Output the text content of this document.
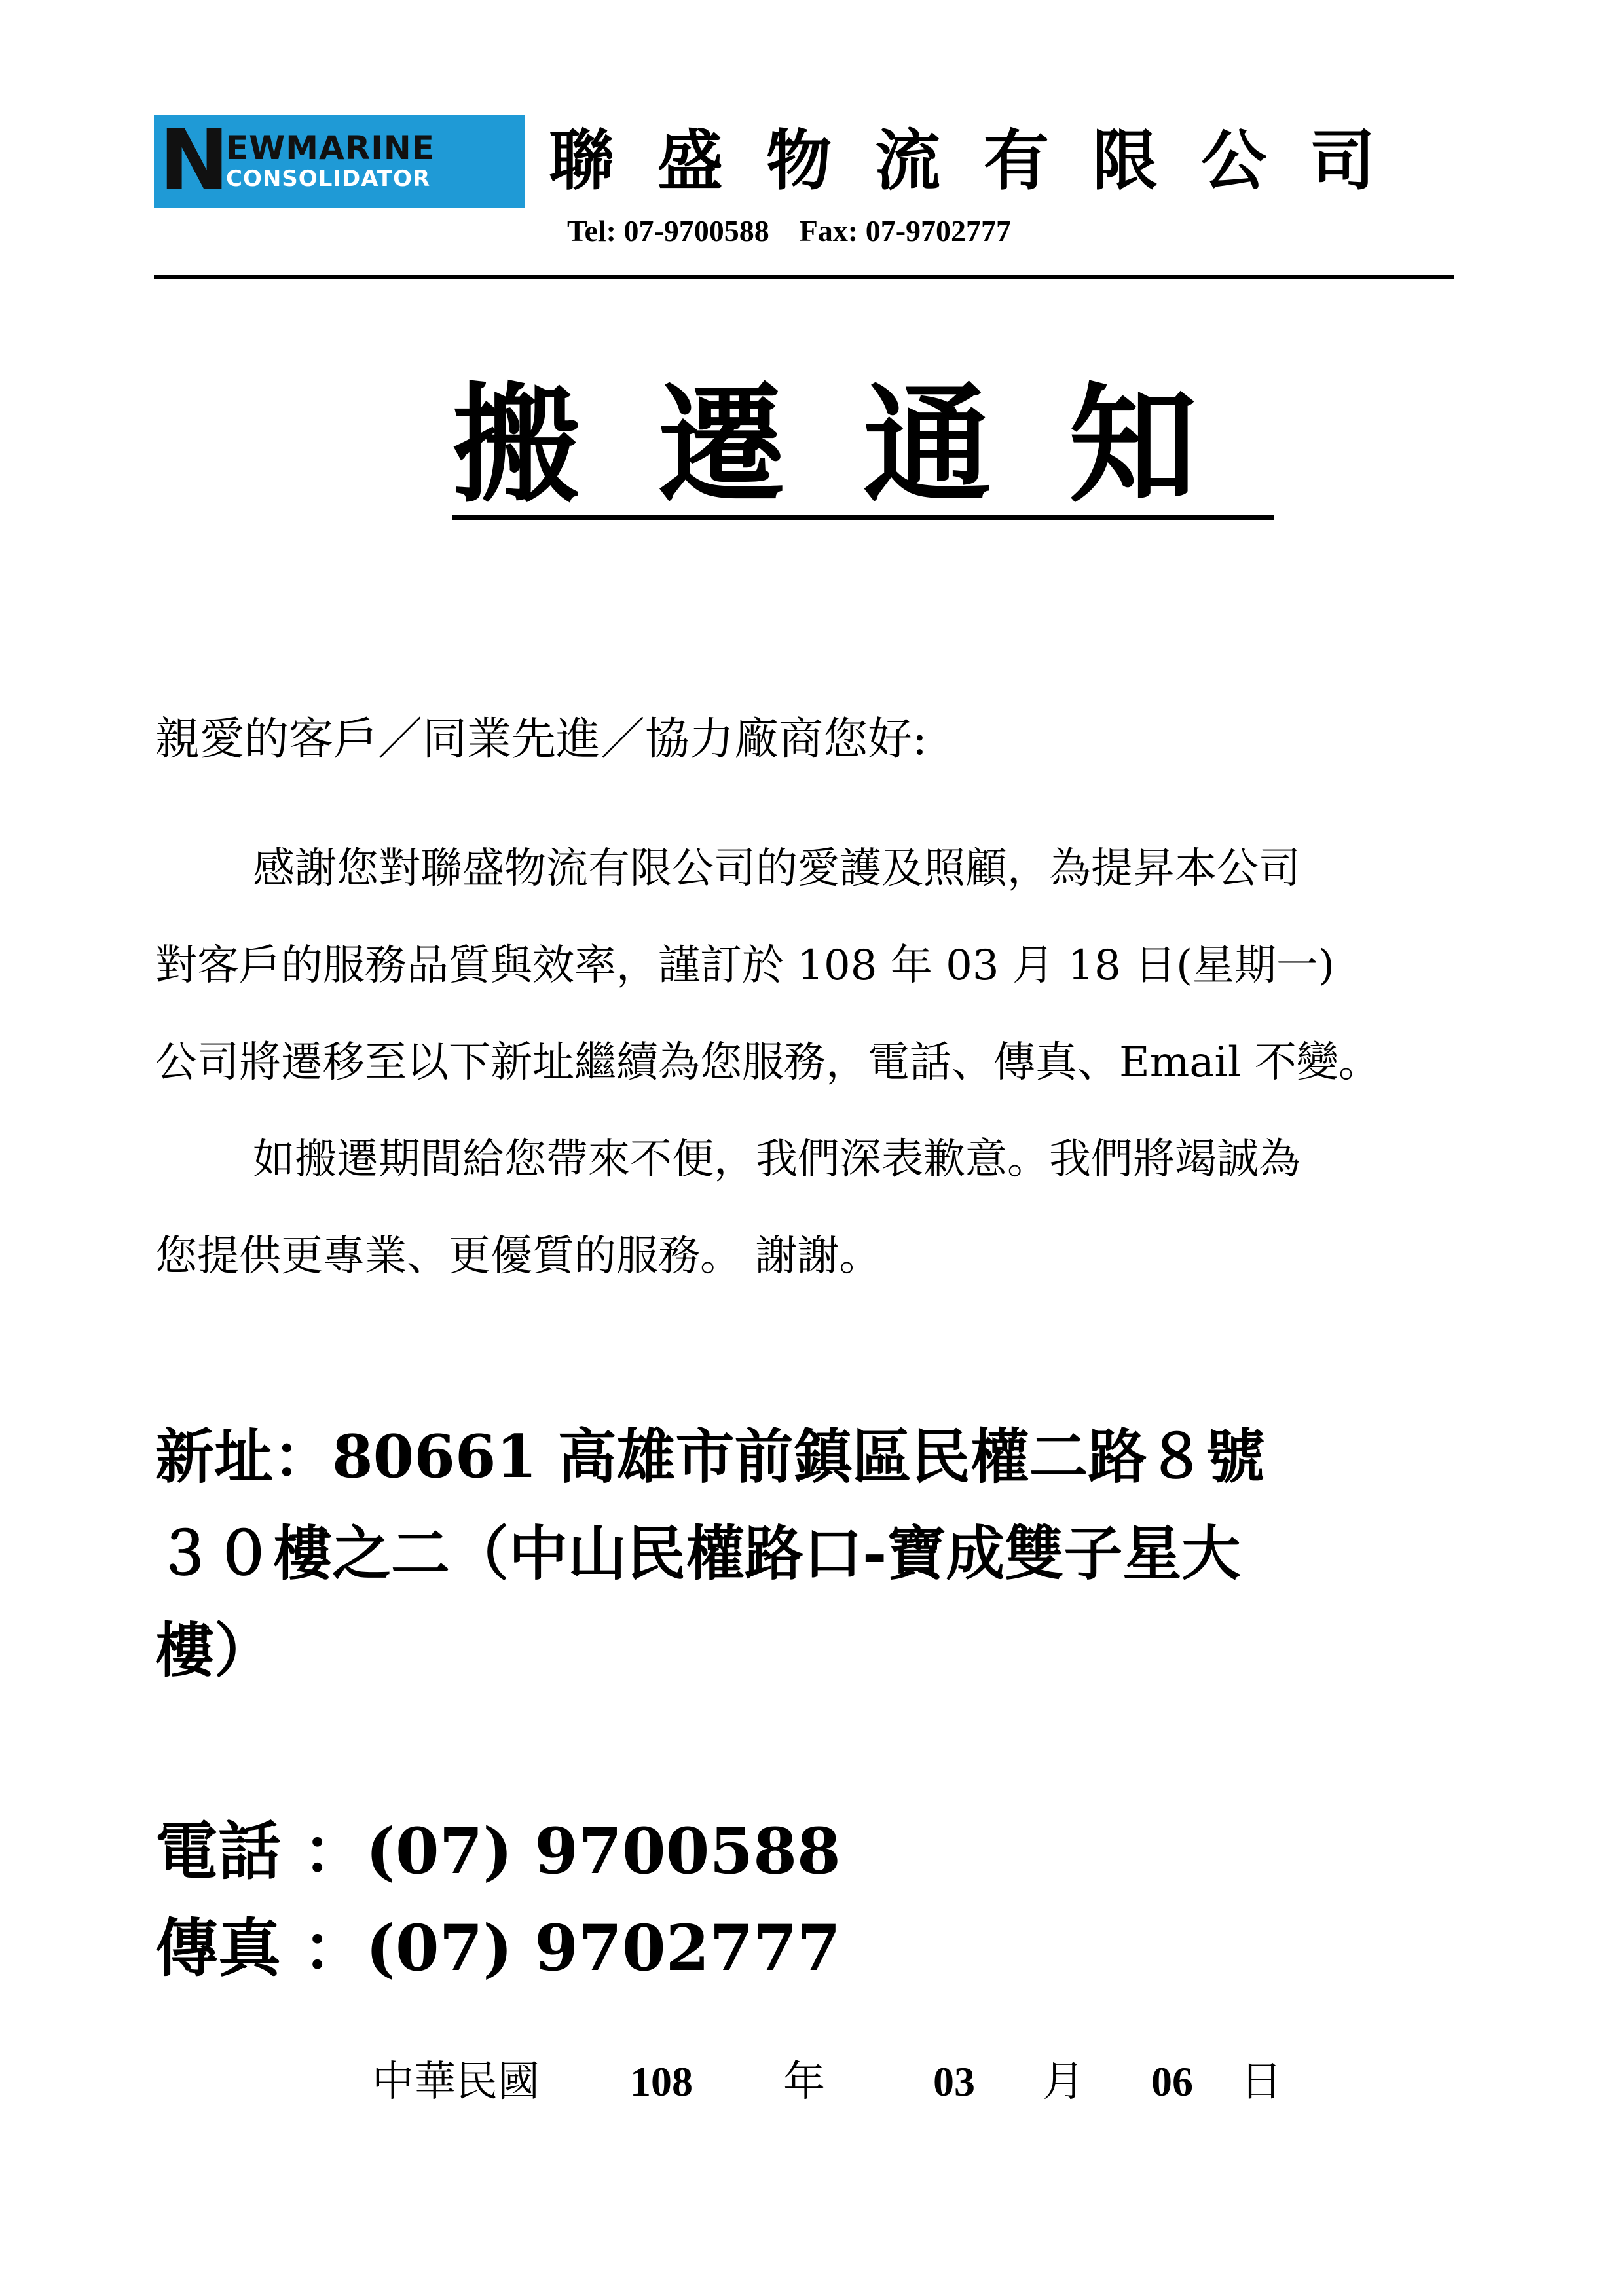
N
EWMARINE
CONSOLIDATOR 聯盛物流有限公司
Tel: 07-9700588    Fax: 07-9702777
搬遷通知
親愛的客戶／同業先進／協力廠商您好:
感謝您對聯盛物流有限公司的愛護及照顧，為提昇本公司
對客戶的服務品質與效率，謹訂於 108 年 03 月 18 日(星期一)
公司將遷移至以下新址繼續為您服務，電話、傳真、Email 不變。
如搬遷期間給您帶來不便，我們深表歉意。我們將竭誠為
您提供更專業、更優質的服務。 謝謝。
新址：80661 高雄市前鎮區民權二路８號
３０樓之二（中山民權路口-寶成雙子星大
樓）
電話 ：(07) 9700588
傳真 ：(07) 9702777
中華民國 108 年	03 月 06 日
